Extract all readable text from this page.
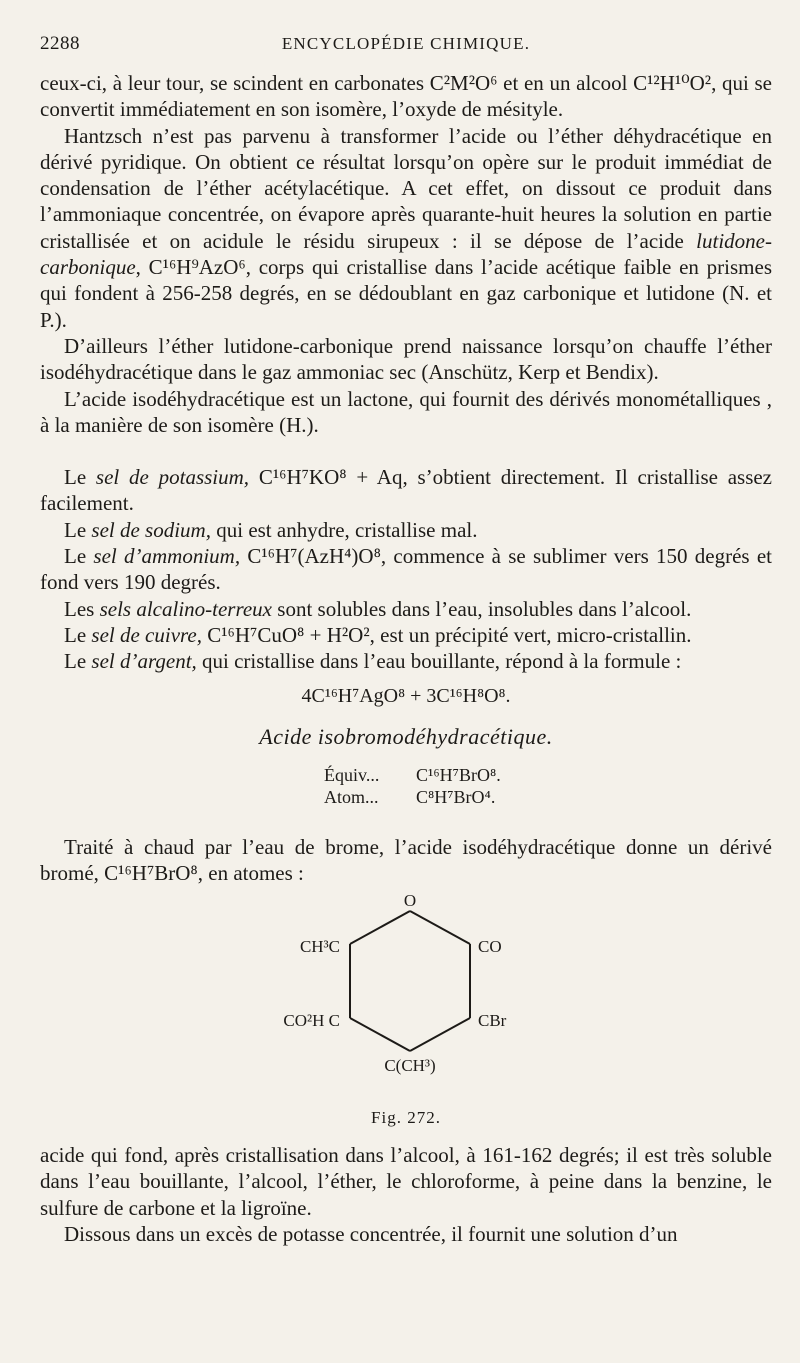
2288	ENCYCLOPÉDIE CHIMIQUE.

ceux-ci, à leur tour, se scindent en carbonates C²M²O⁶ et en un alcool C¹²H¹⁰O², qui se convertit immédiatement en son isomère, l’oxyde de mésityle.

Hantzsch n’est pas parvenu à transformer l’acide ou l’éther déhydracétique en dérivé pyridique. On obtient ce résultat lorsqu’on opère sur le produit immédiat de condensation de l’éther acétylacétique. A cet effet, on dissout ce produit dans l’ammoniaque concentrée, on évapore après quarante-huit heures la solution en partie cristallisée et on acidule le résidu sirupeux : il se dépose de l’acide lutidone-carbonique, C¹⁶H⁹AzO⁶, corps qui cristallise dans l’acide acétique faible en prismes qui fondent à 256-258 degrés, en se dédoublant en gaz carbonique et lutidone (N. et P.).

D’ailleurs l’éther lutidone-carbonique prend naissance lorsqu’on chauffe l’éther isodéhydracétique dans le gaz ammoniac sec (Anschütz, Kerp et Bendix).

L’acide isodéhydracétique est un lactone, qui fournit des dérivés monométalliques , à la manière de son isomère (H.).

Le sel de potassium, C¹⁶H⁷KO⁸ + Aq, s’obtient directement. Il cristallise assez facilement.

Le sel de sodium, qui est anhydre, cristallise mal.

Le sel d’ammonium, C¹⁶H⁷(AzH⁴)O⁸, commence à se sublimer vers 150 degrés et fond vers 190 degrés.

Les sels alcalino-terreux sont solubles dans l’eau, insolubles dans l’alcool.

Le sel de cuivre, C¹⁶H⁷CuO⁸ + H²O², est un précipité vert, micro-cristallin.

Le sel d’argent, qui cristallise dans l’eau bouillante, répond à la formule :

4C¹⁶H⁷AgO⁸ + 3C¹⁶H⁸O⁸.
Acide isobromodéhydracétique.
Équiv...	C¹⁶H⁷BrO⁸.
Atom...	C⁸H⁷BrO⁴.

Traité à chaud par l’eau de brome, l’acide isodéhydracétique donne un dérivé bromé, C¹⁶H⁷BrO⁸, en atomes :

O
CH³C	CO
CO²H C	CBr
C(CH³)
Fig. 272.

acide qui fond, après cristallisation dans l’alcool, à 161-162 degrés; il est très soluble dans l’eau bouillante, l’alcool, l’éther, le chloroforme, à peine dans la benzine, le sulfure de carbone et la ligroïne.

Dissous dans un excès de potasse concentrée, il fournit une solution d’un
